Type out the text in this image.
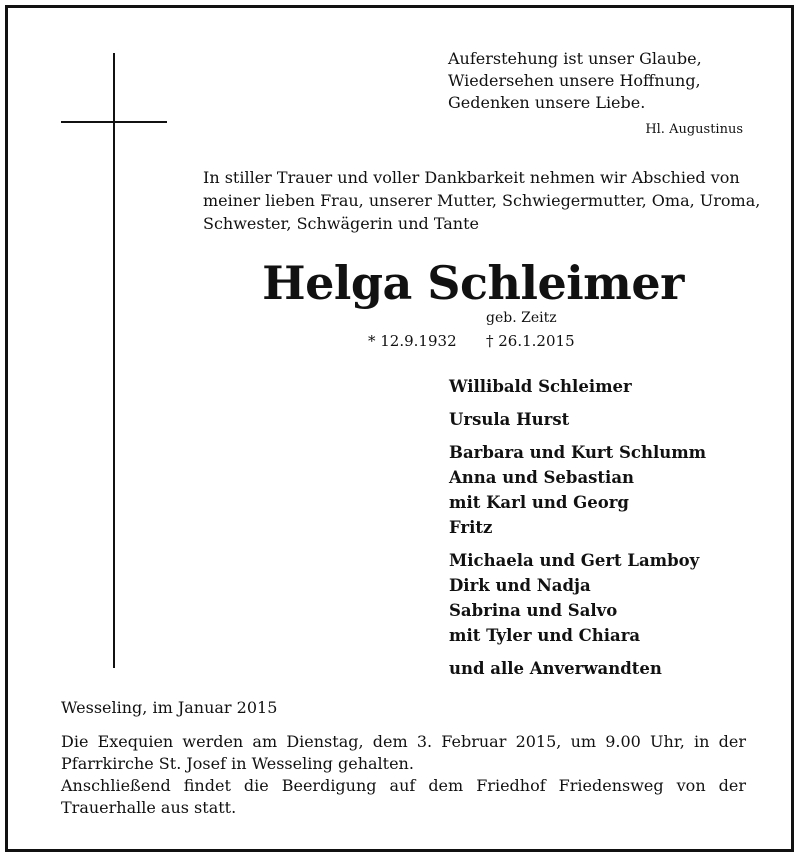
Auferstehung ist unser Glaube,
Wiedersehen unsere Hoffnung,
Gedenken unsere Liebe.
Hl. Augustinus
In stiller Trauer und voller Dankbarkeit nehmen wir Abschied von
meiner lieben Frau, unserer Mutter, Schwiegermutter, Oma, Uroma,
Schwester, Schwägerin und Tante
Helga Schleimer
geb. Zeitz
* 12.9.1932 † 26.1.2015
Willibald Schleimer
Ursula Hurst
Barbara und Kurt Schlumm
Anna und Sebastian
mit Karl und Georg
Fritz
Michaela und Gert Lamboy
Dirk und Nadja
Sabrina und Salvo
mit Tyler und Chiara
und alle Anverwandten
Wesseling, im Januar 2015
Die Exequien werden am Dienstag, dem 3. Februar 2015, um 9.00 Uhr, in der Pfarrkirche St. Josef in Wesseling gehalten.
Anschließend findet die Beerdigung auf dem Friedhof Friedensweg von der Trauerhalle aus statt.
